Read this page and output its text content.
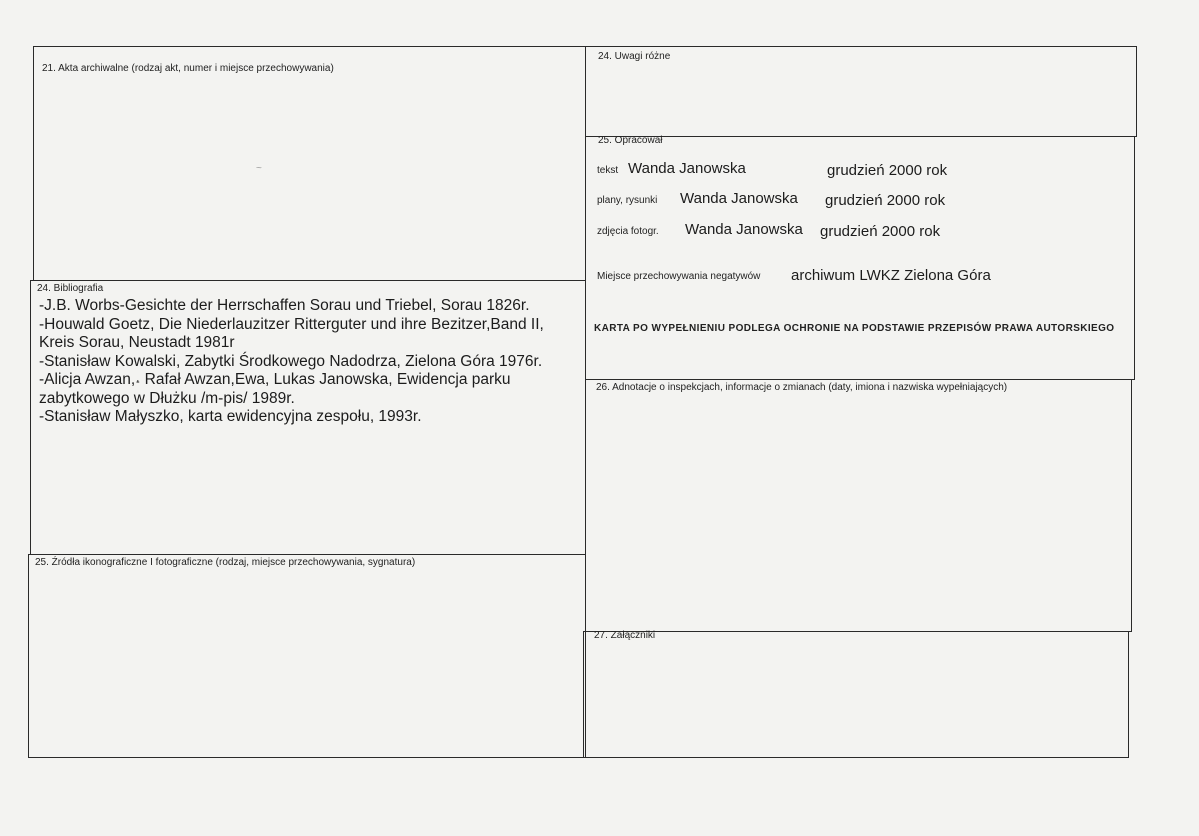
21. Akta archiwalne (rodzaj akt, numer i miejsce przechowywania)
~
24. Bibliografia
-J.B. Worbs-Gesichte der Herrschaffen Sorau und Triebel, Sorau 1826r.
-Houwald Goetz, Die Niederlauzitzer Ritterguter und ihre Bezitzer,Band II, Kreis Sorau, Neustadt 1981r
-Stanisław Kowalski, Zabytki Środkowego Nadodrza, Zielona Góra 1976r.
-Alicja Awzan,˔ Rafał Awzan,Ewa, Lukas Janowska, Ewidencja parku zabytkowego w Dłużku /m-pis/ 1989r.
-Stanisław Małyszko, karta ewidencyjna zespołu, 1993r.
25. Źródła ikonograficzne I fotograficzne (rodzaj, miejsce przechowywania, sygnatura)
24. Uwagi różne
25. Opracował
tekst Wanda Janowska	grudzień 2000 rok
plany, rysunki Wanda Janowska grudzień 2000 rok
zdjęcia fotogr. Wanda Janowska grudzień 2000 rok
Miejsce przechowywania negatywów archiwum LWKZ Zielona Góra
KARTA PO WYPEŁNIENIU PODLEGA OCHRONIE NA PODSTAWIE PRZEPISÓW PRAWA AUTORSKIEGO
26. Adnotacje o inspekcjach, informacje o zmianach (daty, imiona i nazwiska wypełniających)
27. Załączniki
